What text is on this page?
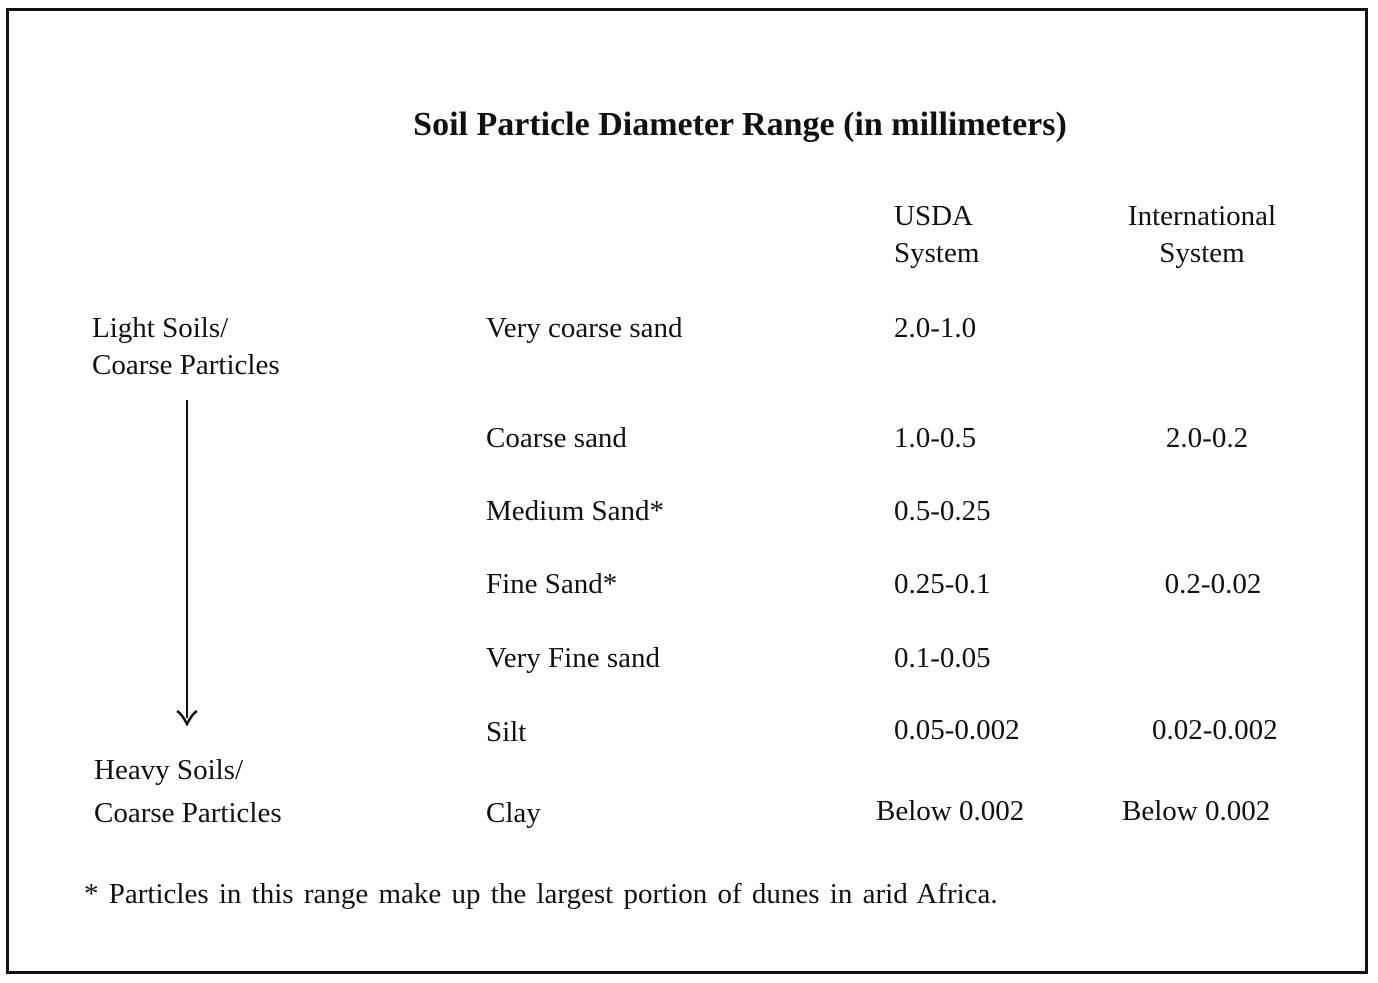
Soil Particle Diameter Range (in millimeters)
USDA
System
International
System
Light Soils/
Coarse Particles
Heavy Soils/
Coarse Particles
Very coarse sand	2.0-1.0
Coarse sand	1.0-0.5	2.0-0.2
Medium Sand*	0.5-0.25
Fine Sand*	0.25-0.1	0.2-0.02
Very Fine sand	0.1-0.05
Silt	0.05-0.002	0.02-0.002
Clay	Below 0.002	Below 0.002
* Particles in this range make up the largest portion of dunes in arid Africa.
